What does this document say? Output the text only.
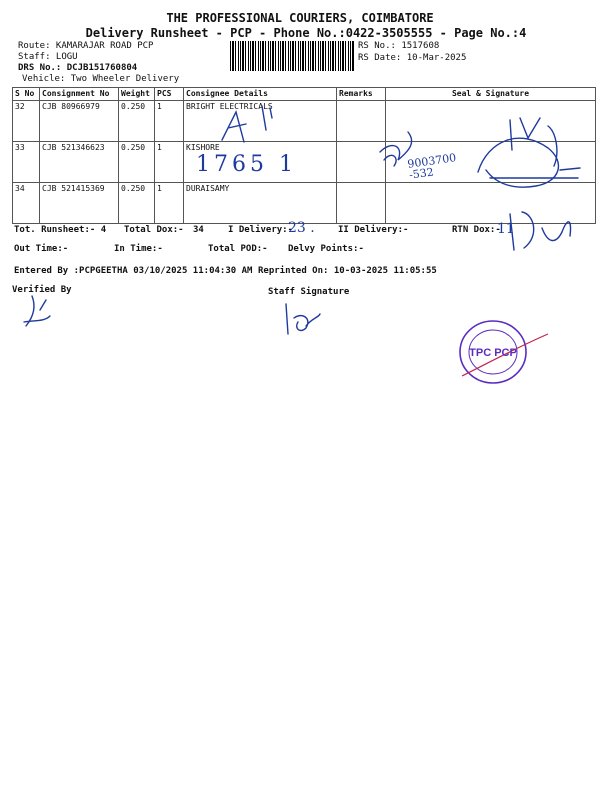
THE PROFESSIONAL COURIERS, COIMBATORE
Delivery Runsheet - PCP - Phone No.:0422-3505555 - Page No.:4
Route: KAMARAJAR ROAD PCP
Staff: LOGU
DRS No.: DCJB151760804
Vehicle: Two Wheeler Delivery
RS No.: 1517608
RS Date: 10-Mar-2025
S No	Consignment No	Weight	PCS	Consignee Details	Remarks	Seal & Signature
32	CJB 80966979	0.250	1	BRIGHT ELECTRICALS		
33	CJB 521346623	0.250	1	KISHORE		
34	CJB 521415369	0.250	1	DURAISAMY		
Tot. Runsheet:- 4 Total Dox:- 34	I Delivery:-
23 .	II Delivery:-	RTN Dox:-
11
Out Time:-	In Time:-	Total POD:- Delvy Points:-
Entered By :PCPGEETHA 03/10/2025 11:04:30 AM Reprinted On: 10-03-2025 11:05:55
Verified By	Staff Signature
1765 1	9003700 -532
TPC PCP
